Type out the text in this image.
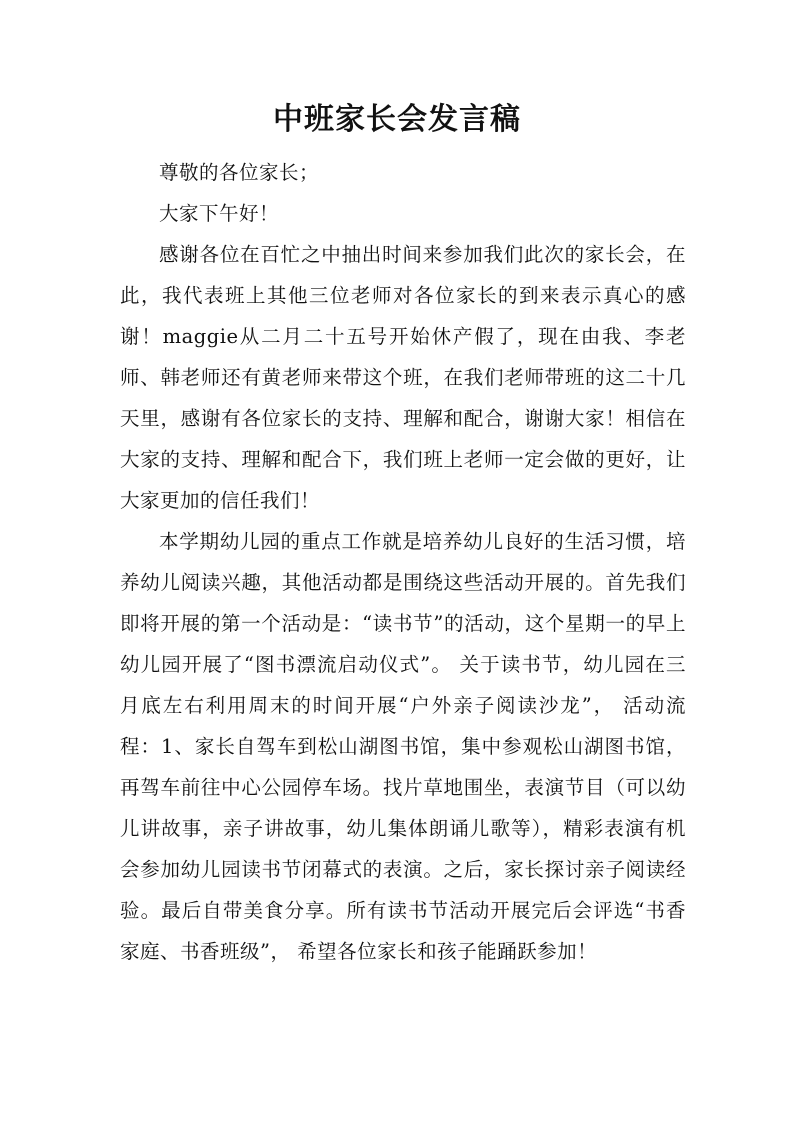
中班家长会发言稿

尊敬的各位家长；

大家下午好！

感谢各位在百忙之中抽出时间来参加我们此次的家长会，在此，我代表班上其他三位老师对各位家长的到来表示真心的感谢！maggie从二月二十五号开始休产假了，现在由我、李老师、韩老师还有黄老师来带这个班，在我们老师带班的这二十几天里，感谢有各位家长的支持、理解和配合，谢谢大家！相信在大家的支持、理解和配合下，我们班上老师一定会做的更好，让大家更加的信任我们！

本学期幼儿园的重点工作就是培养幼儿良好的生活习惯，培养幼儿阅读兴趣，其他活动都是围绕这些活动开展的。首先我们即将开展的第一个活动是：“读书节”的活动，这个星期一的早上幼儿园开展了“图书漂流启动仪式”。 关于读书节，幼儿园在三月底左右利用周末的时间开展“户外亲子阅读沙龙”， 活动流程：1、家长自驾车到松山湖图书馆，集中参观松山湖图书馆，再驾车前往中心公园停车场。找片草地围坐，表演节目（可以幼儿讲故事，亲子讲故事，幼儿集体朗诵儿歌等），精彩表演有机会参加幼儿园读书节闭幕式的表演。之后，家长探讨亲子阅读经验。最后自带美食分享。所有读书节活动开展完后会评选“书香家庭、书香班级”， 希望各位家长和孩子能踊跃参加！
